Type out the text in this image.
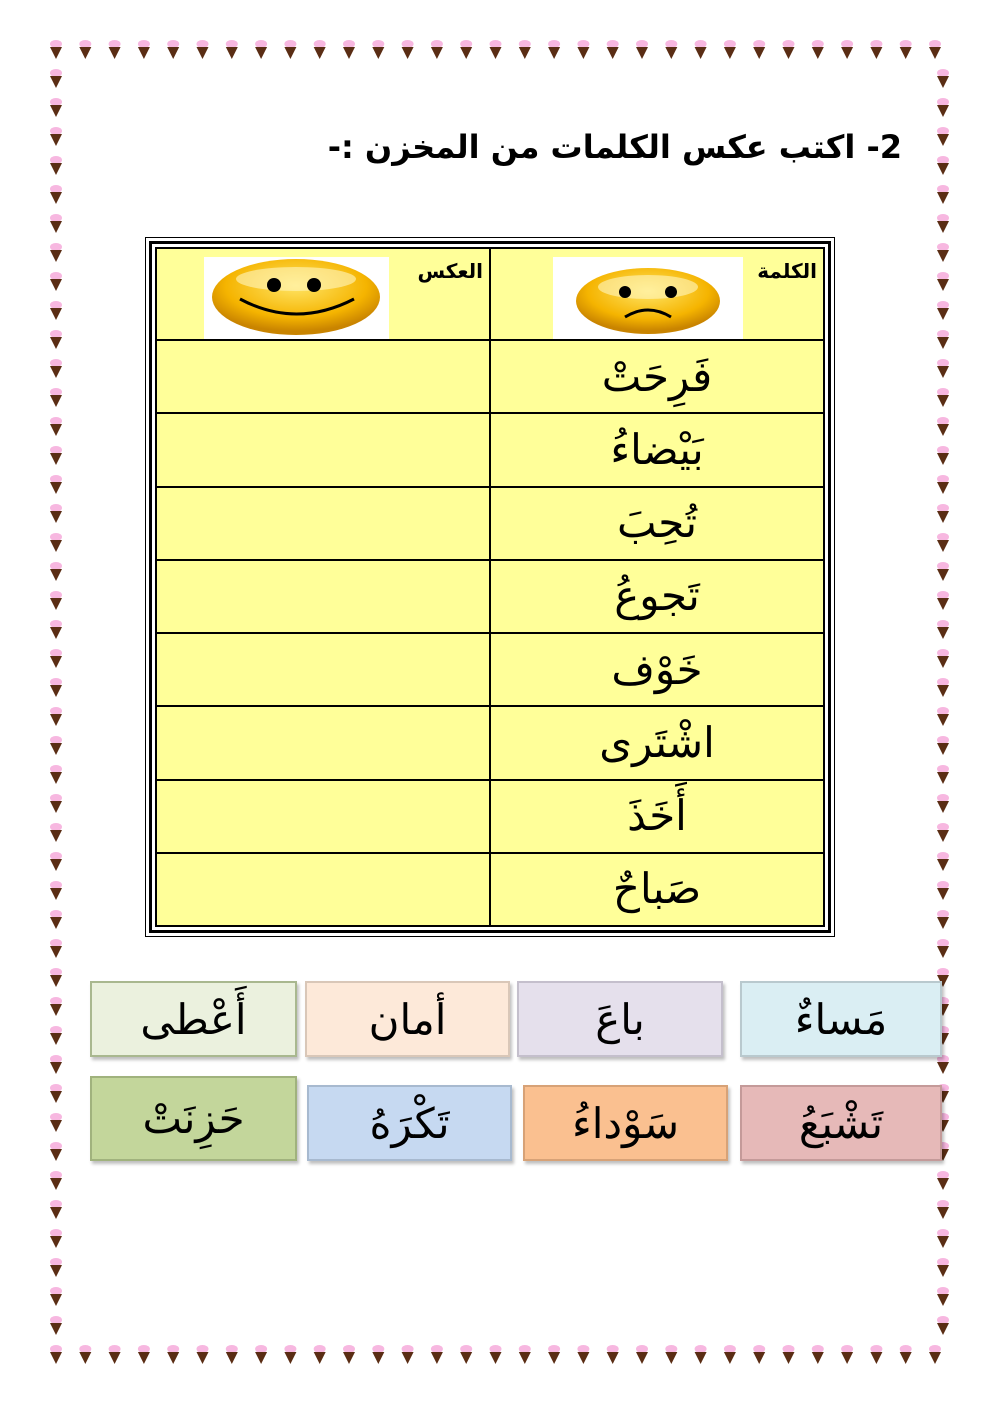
2- اكتب عكس الكلمات من المخزن :-
الكلمة	العكس

فَرِحَتْ	
بَيْضاءُ	
تُحِبَ	
تَجوعُ	
خَوْف	
اشْتَرى	
أَخَذَ	
صَباحٌ	
مَساءٌ
باعَ
أمان
أَعْطى
تَشْبَعُ
سَوْداءُ
تَكْرَهُ
حَزِنَتْ
